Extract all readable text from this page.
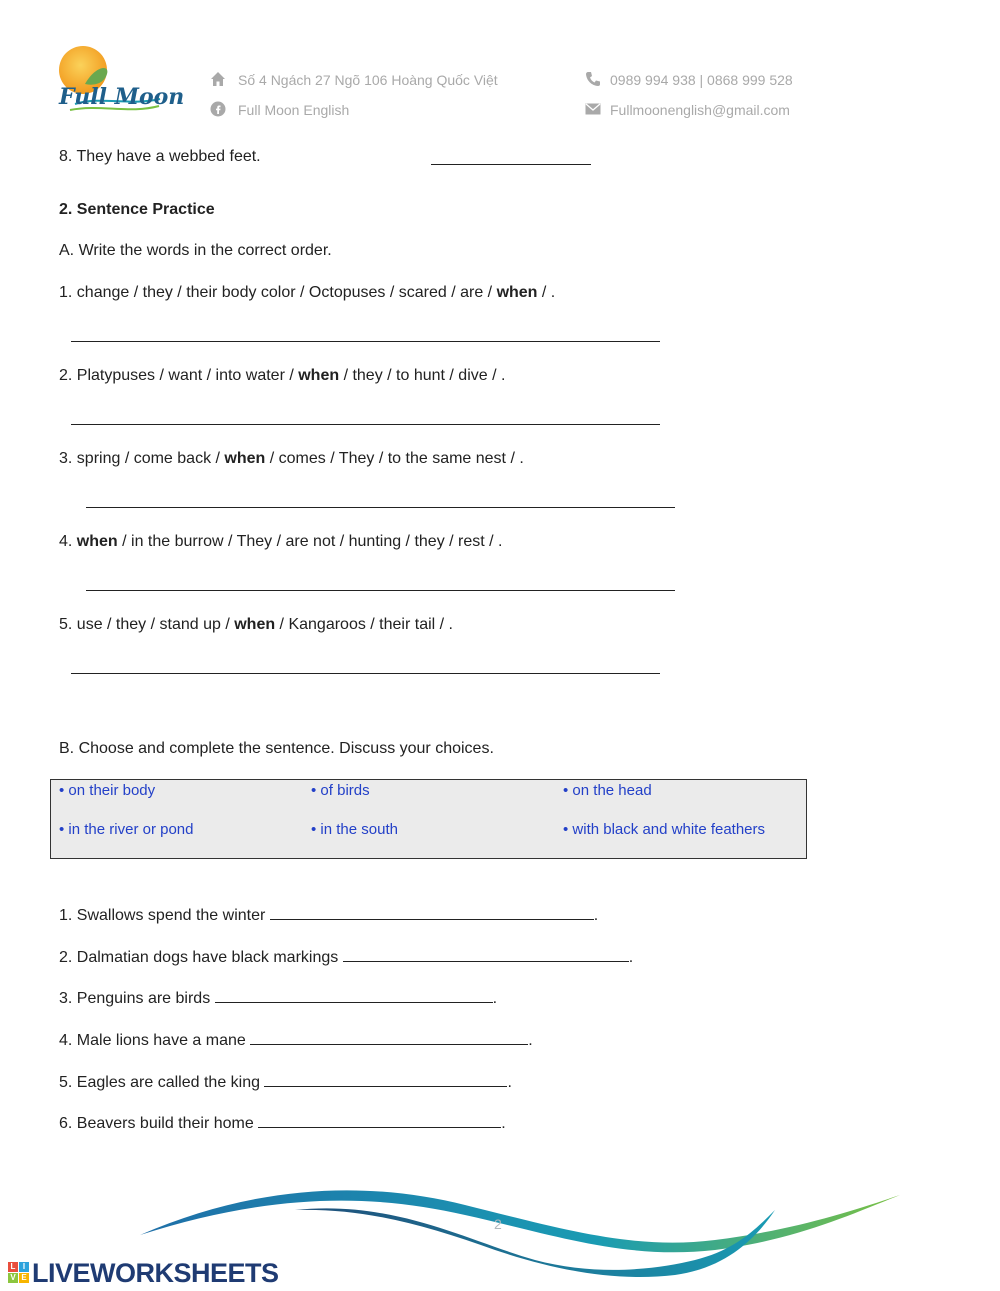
Full Moon
Số 4 Ngách 27 Ngõ 106 Hoàng Quốc Việt
Full Moon English
0989 994 938 | 0868 999 528
Fullmoonenglish@gmail.com
8. They have a webbed feet.
2. Sentence Practice
A. Write the words in the correct order.
1. change / they / their body color / Octopuses / scared / are / when / .
2. Platypuses / want / into water / when / they / to hunt / dive / .
3. spring / come back / when / comes / They / to the same nest / .
4. when / in the burrow / They / are not / hunting / they / rest / .
5. use / they / stand up / when / Kangaroos / their tail / .
B. Choose and complete the sentence. Discuss your choices.
• on their body	• of birds	• on the head
• in the river or pond	• in the south	• with black and white feathers
1. Swallows spend the winter	.
2. Dalmatian dogs have black markings	.
3. Penguins are birds	.
4. Male lions have a mane	.
5. Eagles are called the king	.
6. Beavers build their home	.
2
L I
V E LIVEWORKSHEETS
